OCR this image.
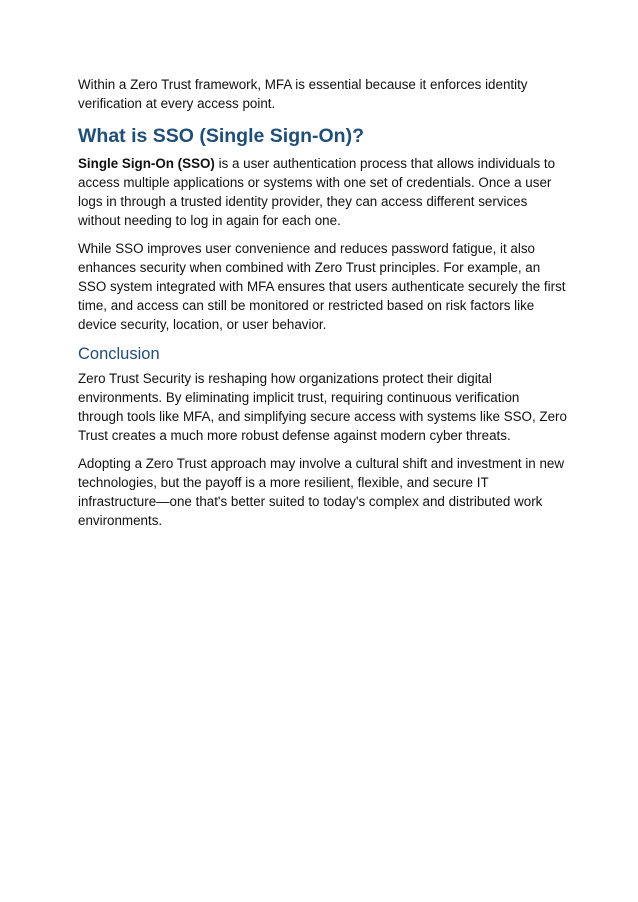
Within a Zero Trust framework, MFA is essential because it enforces identity verification at every access point.

What is SSO (Single Sign-On)?

Single Sign-On (SSO) is a user authentication process that allows individuals to access multiple applications or systems with one set of credentials. Once a user logs in through a trusted identity provider, they can access different services without needing to log in again for each one.

While SSO improves user convenience and reduces password fatigue, it also enhances security when combined with Zero Trust principles. For example, an SSO system integrated with MFA ensures that users authenticate securely the first time, and access can still be monitored or restricted based on risk factors like device security, location, or user behavior.

Conclusion

Zero Trust Security is reshaping how organizations protect their digital environments. By eliminating implicit trust, requiring continuous verification through tools like MFA, and simplifying secure access with systems like SSO, Zero Trust creates a much more robust defense against modern cyber threats.

Adopting a Zero Trust approach may involve a cultural shift and investment in new technologies, but the payoff is a more resilient, flexible, and secure IT infrastructure—one that's better suited to today's complex and distributed work environments.
